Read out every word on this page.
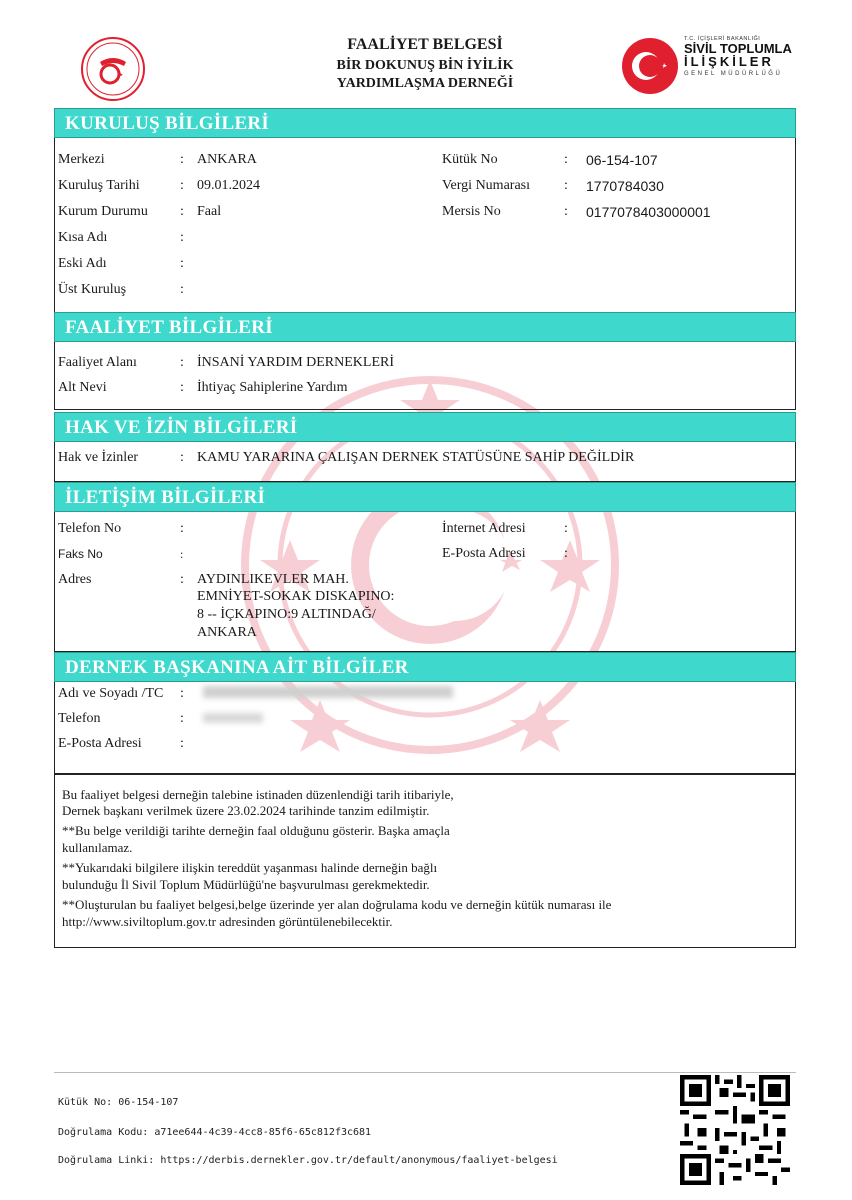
T.C. İÇİŞLERİ BAKANLIĞI
SİVİL TOPLUMLA
İLİŞKİLER
GENEL MÜDÜRLÜĞÜ
FAALİYET BELGESİ
BİR DOKUNUŞ BİN İYİLİK
YARDIMLAŞMA DERNEĞİ
KURULUŞ BİLGİLERİ
Merkezi	: ANKARA
Kuruluş Tarihi	: 09.01.2024
Kurum Durumu : Faal
Kısa Adı	:
Eski Adı	:
Üst Kuruluş	:
Kütük No	: 06-154-107
Vergi Numarası : 1770784030
Mersis No	: 0177078403000001
FAALİYET BİLGİLERİ
Faaliyet Alanı	: İNSANİ YARDIM DERNEKLERİ
Alt Nevi	: İhtiyaç Sahiplerine Yardım
HAK VE İZİN BİLGİLERİ
Hak ve İzinler	: KAMU YARARINA ÇALIŞAN DERNEK STATÜSÜNE SAHİP DEĞİLDİR
İLETİŞİM BİLGİLERİ
Telefon No	:
Faks No	:
Adres	: AYDINLIKEVLER MAH.
EMNİYET-SOKAK DISKAPINO:
8 -- İÇKAPINO:9 ALTINDAĞ/
ANKARA
İnternet Adresi	:
E-Posta Adresi	:
DERNEK BAŞKANINA AİT BİLGİLER
Adı ve Soyadı /TC :
Telefon	:
E-Posta Adresi	:
Bu faaliyet belgesi derneğin talebine istinaden düzenlendiği tarih itibariyle,
Dernek başkanı verilmek üzere 23.02.2024 tarihinde tanzim edilmiştir.
**Bu belge verildiği tarihte derneğin faal olduğunu gösterir. Başka amaçla
kullanılamaz.
**Yukarıdaki bilgilere ilişkin tereddüt yaşanması halinde derneğin bağlı
bulunduğu İl Sivil Toplum Müdürlüğü'ne başvurulması gerekmektedir.
**Oluşturulan bu faaliyet belgesi,belge üzerinde yer alan doğrulama kodu ve derneğin kütük numarası ile
http://www.siviltoplum.gov.tr adresinden görüntülenebilecektir.
Kütük No: 06-154-107
Doğrulama Kodu: a71ee644-4c39-4cc8-85f6-65c812f3c681
Doğrulama Linki: https://derbis.dernekler.gov.tr/default/anonymous/faaliyet-belgesi
